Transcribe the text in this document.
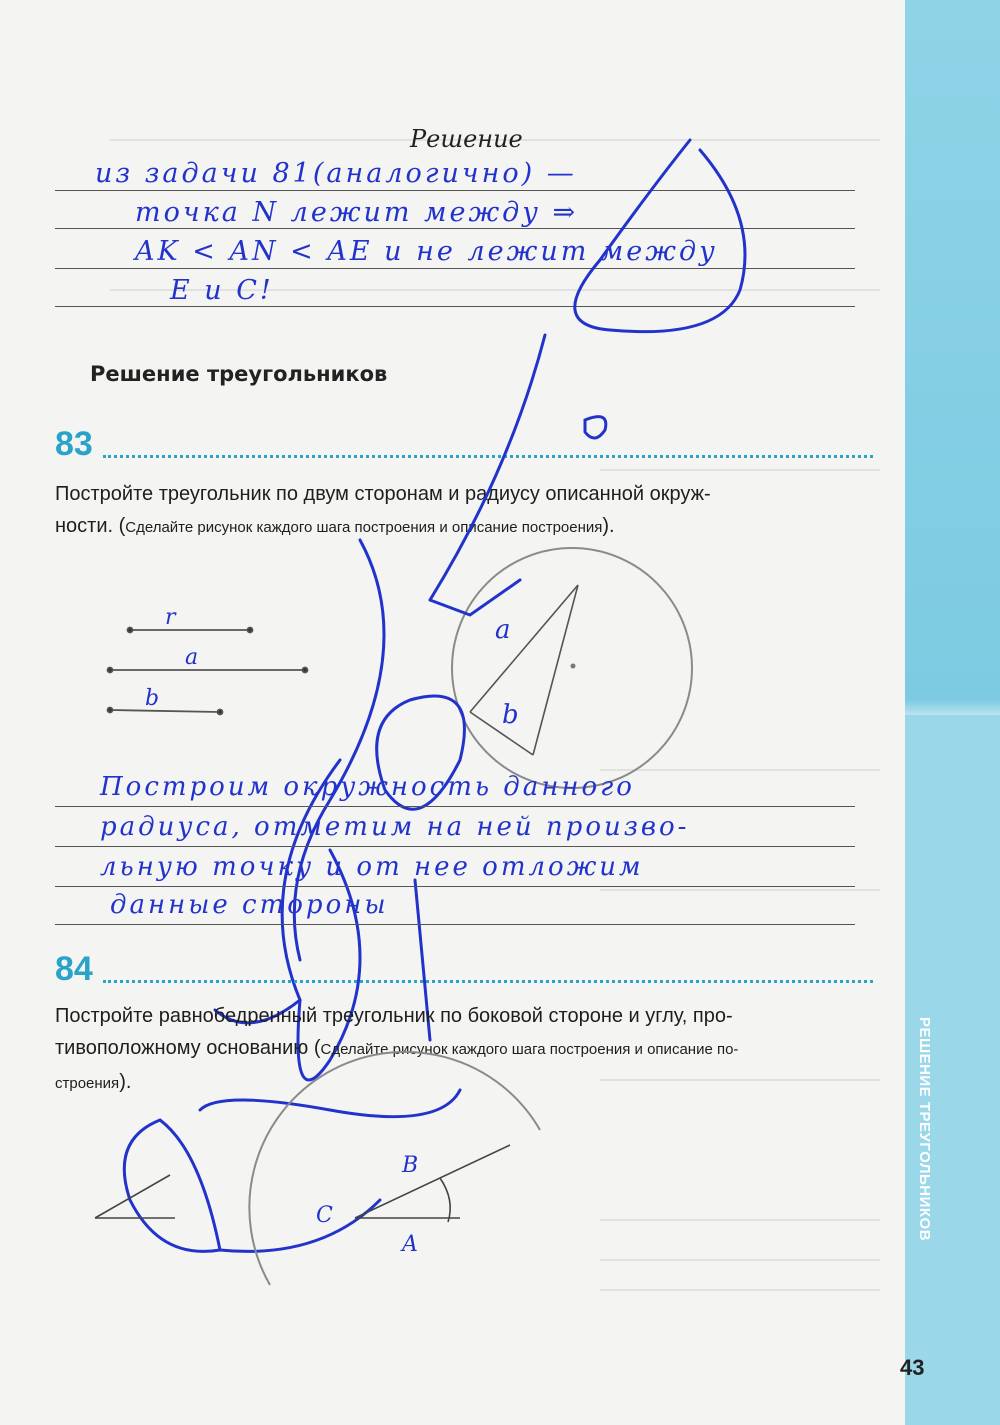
РЕШЕНИЕ ТРЕУГОЛЬНИКОВ
43
Решение
из задачи 81(аналогично) —
точка N лежит между ⇒
AK < AN < AE и не лежит между
E и C!
Решение треугольников
83
Постройте треугольник по двум сторонам и радиусу описанной окруж-
ности. (Сделайте рисунок каждого шага построения и описание построения).
r
a
b
a
b
Построим окружность данного
радиуса, отметим на ней произво-
льную точку и от нее отложим
данные стороны
84
Постройте равнобедренный треугольник по боковой стороне и углу, про-
тивоположному основанию (Сделайте рисунок каждого шага построения и описание по-
строения).
B
C
A
